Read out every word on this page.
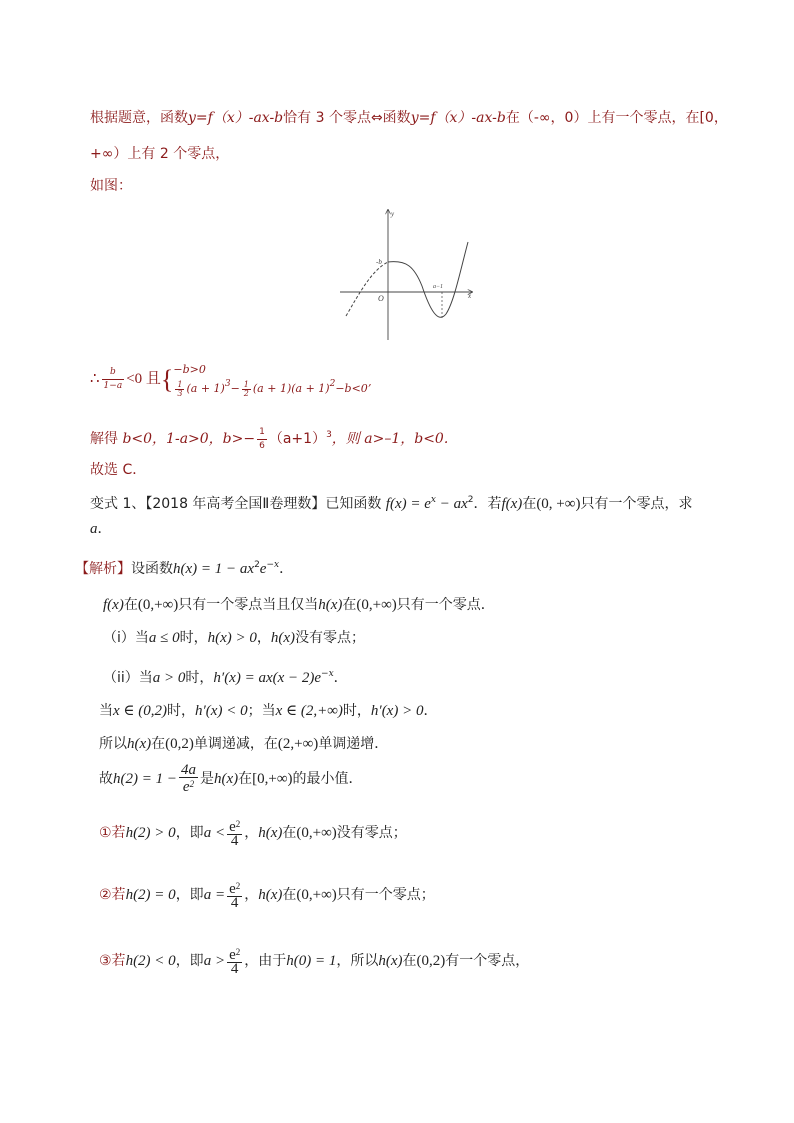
根据题意，函数y=f（x）-ax-b恰有 3 个零点⇔函数y=f（x）-ax-b在（-∞，0）上有一个零点，在[0，
+∞）上有 2 个零点，
如图：
-b
O
y
x
a−1
∴ $\frac{b}{1-a} <0$ 且{ −b>0
$\frac{1}{3} (a + 1)^3- \frac{1}{2} (a + 1)(a + 1)^2-b<0$’
解得 b<0，1-a>0，$b>- \frac{1}{6} (a+1)^3$，则 a>–1，b<0.
故选 C．
变式 1、【2018 年高考全国Ⅱ卷理数】已知函数 $f(x) = e^x - ax^2$．若f(x)在(0, +∞)只有一个零点，求
a．
【解析】设函数$h(x) = 1 - ax^2e^{-x}$．
f(x)在(0,+∞)只有一个零点当且仅当h(x)在(0,+∞)只有一个零点．
（i）当a ≤ 0时，h(x) > 0，h(x)没有零点；
（ii）当a > 0时，$h'(x) = ax(x - 2)e^{-x}$．
当x ∈ (0,2)时，h′(x) < 0；当x ∈ (2,+∞)时，h′(x) > 0．
所以h(x)在(0,2)单调递减，在(2,+∞)单调递增．
故$h(2) = 1 - \frac{4a}{e^2}$ 是h(x)在[0,+∞)的最小值．
①若h(2) > 0，即$a < \frac{e^2}{4}$ ，h(x)在(0,+∞)没有零点；
②若h(2) = 0，即$a = \frac{e^2}{4}$ ，h(x)在(0,+∞)只有一个零点；
③若h(2) < 0，即$a > \frac{e^2}{4}$ ，由于h(0) = 1，所以h(x)在(0,2)有一个零点，
